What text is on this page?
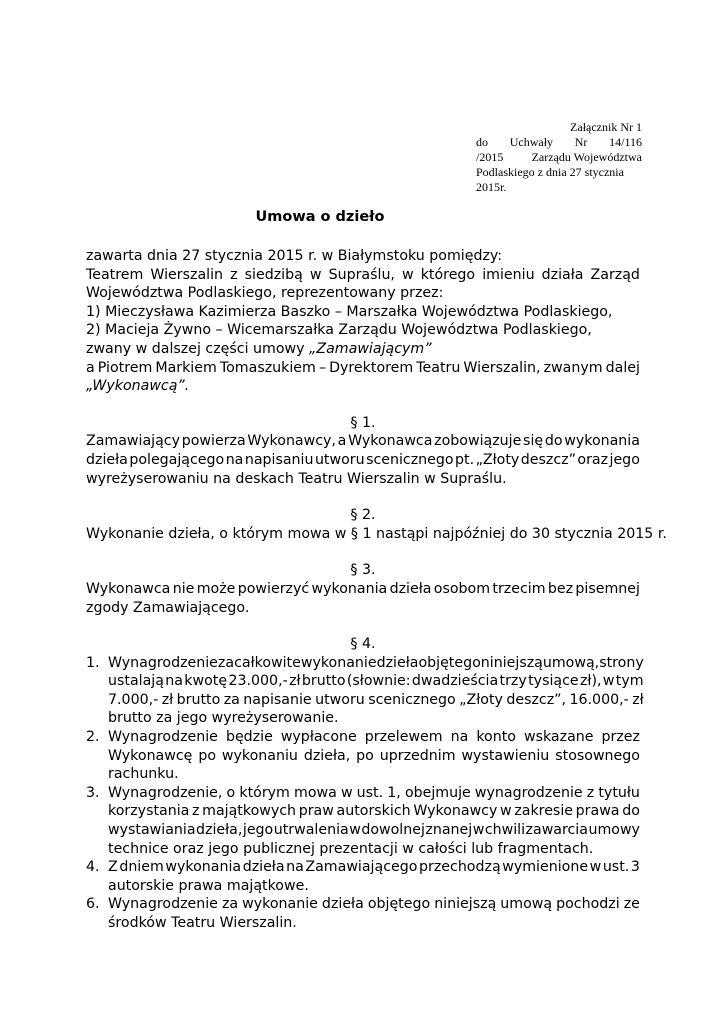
Załącznik Nr 1
do Uchwały Nr 14/116
/2015 Zarządu Województwa
Podlaskiego z dnia 27 stycznia
2015r.
Umowa o dzieło
zawarta dnia 27 stycznia 2015 r. w Białymstoku pomiędzy:
Teatrem Wierszalin z siedzibą w Supraślu, w którego imieniu działa Zarząd
Województwa Podlaskiego, reprezentowany przez:
1) Mieczysława Kazimierza Baszko – Marszałka Województwa Podlaskiego,
2) Macieja Żywno – Wicemarszałka Zarządu Województwa Podlaskiego,
zwany w dalszej części umowy „Zamawiającym”
a Piotrem Markiem Tomaszukiem – Dyrektorem Teatru Wierszalin, zwanym dalej
„Wykonawcą”.
§ 1.
Zamawiający powierza Wykonawcy, a Wykonawca zobowiązuje się do wykonania
dzieła polegającego na napisaniu utworu scenicznego pt. „Złoty deszcz” oraz jego
wyreżyserowaniu na deskach Teatru Wierszalin w Supraślu.
§ 2.
Wykonanie dzieła, o którym mowa w § 1 nastąpi najpóźniej do 30 stycznia 2015 r.
§ 3.
Wykonawca nie może powierzyć wykonania dzieła osobom trzecim bez pisemnej
zgody Zamawiającego.
§ 4.
1. Wynagrodzenie za całkowite wykonanie dzieła objętego niniejszą umową, strony
ustalają na kwotę 23.000,- zł brutto (słownie: dwadzieścia trzy tysiące zł), w tym
7.000,- zł brutto za napisanie utworu scenicznego „Złoty deszcz”, 16.000,- zł
brutto za jego wyreżyserowanie.
2. Wynagrodzenie będzie wypłacone przelewem na konto wskazane przez
Wykonawcę po wykonaniu dzieła, po uprzednim wystawieniu stosownego
rachunku.
3. Wynagrodzenie, o którym mowa w ust. 1, obejmuje wynagrodzenie z tytułu
korzystania z majątkowych praw autorskich Wykonawcy w zakresie prawa do
wystawiania dzieła, jego utrwalenia w dowolnej znanej w chwili zawarcia umowy
technice oraz jego publicznej prezentacji w całości lub fragmentach.
4. Z dniem wykonania dzieła na Zamawiającego przechodzą wymienione w ust. 3
autorskie prawa majątkowe.
6. Wynagrodzenie za wykonanie dzieła objętego niniejszą umową pochodzi ze
środków Teatru Wierszalin.
